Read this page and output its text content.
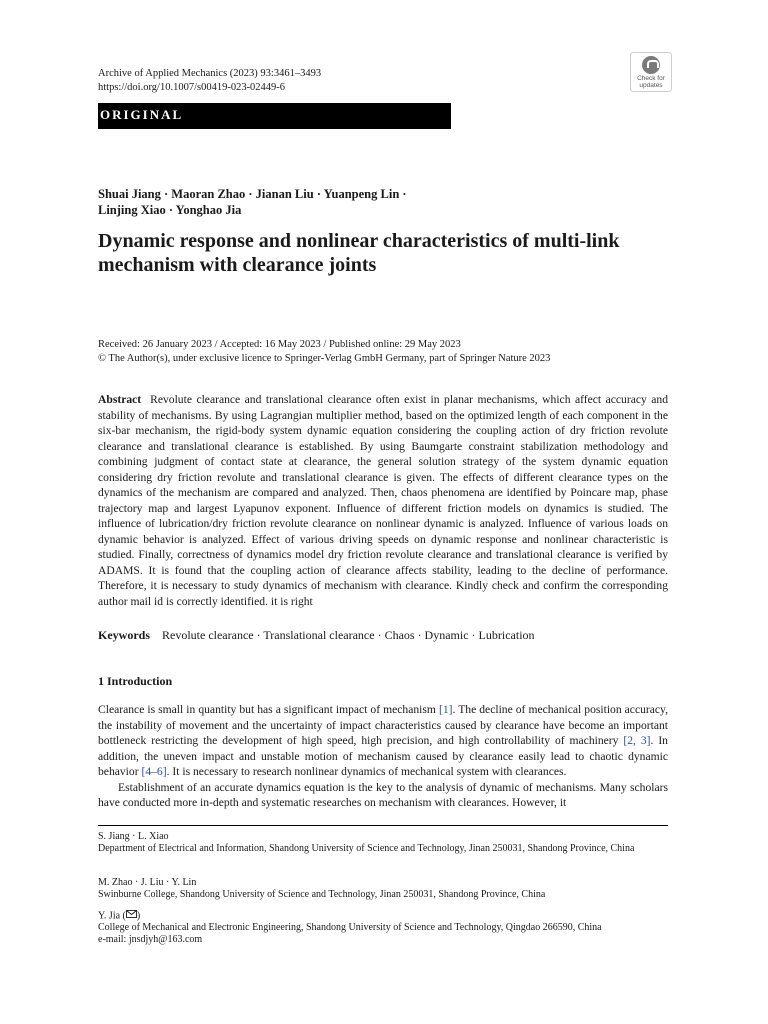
Archive of Applied Mechanics (2023) 93:3461–3493
https://doi.org/10.1007/s00419-023-02449-6
Check for
updates
ORIGINAL
Shuai Jiang · Maoran Zhao · Jianan Liu · Yuanpeng Lin ·
Linjing Xiao · Yonghao Jia
Dynamic response and nonlinear characteristics of multi-link
mechanism with clearance joints
Received: 26 January 2023 / Accepted: 16 May 2023 / Published online: 29 May 2023
© The Author(s), under exclusive licence to Springer-Verlag GmbH Germany, part of Springer Nature 2023
Abstract Revolute clearance and translational clearance often exist in planar mechanisms, which affect accuracy and stability of mechanisms. By using Lagrangian multiplier method, based on the optimized length of each component in the six-bar mechanism, the rigid-body system dynamic equation considering the coupling action of dry friction revolute clearance and translational clearance is established. By using Baumgarte constraint stabilization methodology and combining judgment of contact state at clearance, the general solution strategy of the system dynamic equation considering dry friction revolute and translational clearance is given. The effects of different clearance types on the dynamics of the mechanism are compared and analyzed. Then, chaos phenomena are identified by Poincare map, phase trajectory map and largest Lyapunov exponent. Influence of different friction models on dynamics is studied. The influence of lubrication/dry friction revolute clearance on nonlinear dynamic is analyzed. Influence of various loads on dynamic behavior is analyzed. Effect of various driving speeds on dynamic response and nonlinear characteristic is studied. Finally, correctness of dynamics model dry friction revolute clearance and translational clearance is verified by ADAMS. It is found that the coupling action of clearance affects stability, leading to the decline of performance. Therefore, it is necessary to study dynamics of mechanism with clearance. Kindly check and confirm the corresponding author mail id is correctly identified. it is right
Keywords Revolute clearance · Translational clearance · Chaos · Dynamic · Lubrication
1 Introduction

Clearance is small in quantity but has a significant impact of mechanism [1]. The decline of mechanical position accuracy, the instability of movement and the uncertainty of impact characteristics caused by clearance have become an important bottleneck restricting the development of high speed, high precision, and high controllability of machinery [2, 3]. In addition, the uneven impact and unstable motion of mechanism caused by clearance easily lead to chaotic dynamic behavior [4–6]. It is necessary to research nonlinear dynamics of mechanical system with clearances.

Establishment of an accurate dynamics equation is the key to the analysis of dynamic of mechanisms. Many scholars have conducted more in-depth and systematic researches on mechanism with clearances. However, it

S. Jiang · L. Xiao
Department of Electrical and Information, Shandong University of Science and Technology, Jinan 250031, Shandong Province, China
M. Zhao · J. Liu · Y. Lin
Swinburne College, Shandong University of Science and Technology, Jinan 250031, Shandong Province, China
Y. Jia ( )
College of Mechanical and Electronic Engineering, Shandong University of Science and Technology, Qingdao 266590, China
e-mail: jnsdjyh@163.com
